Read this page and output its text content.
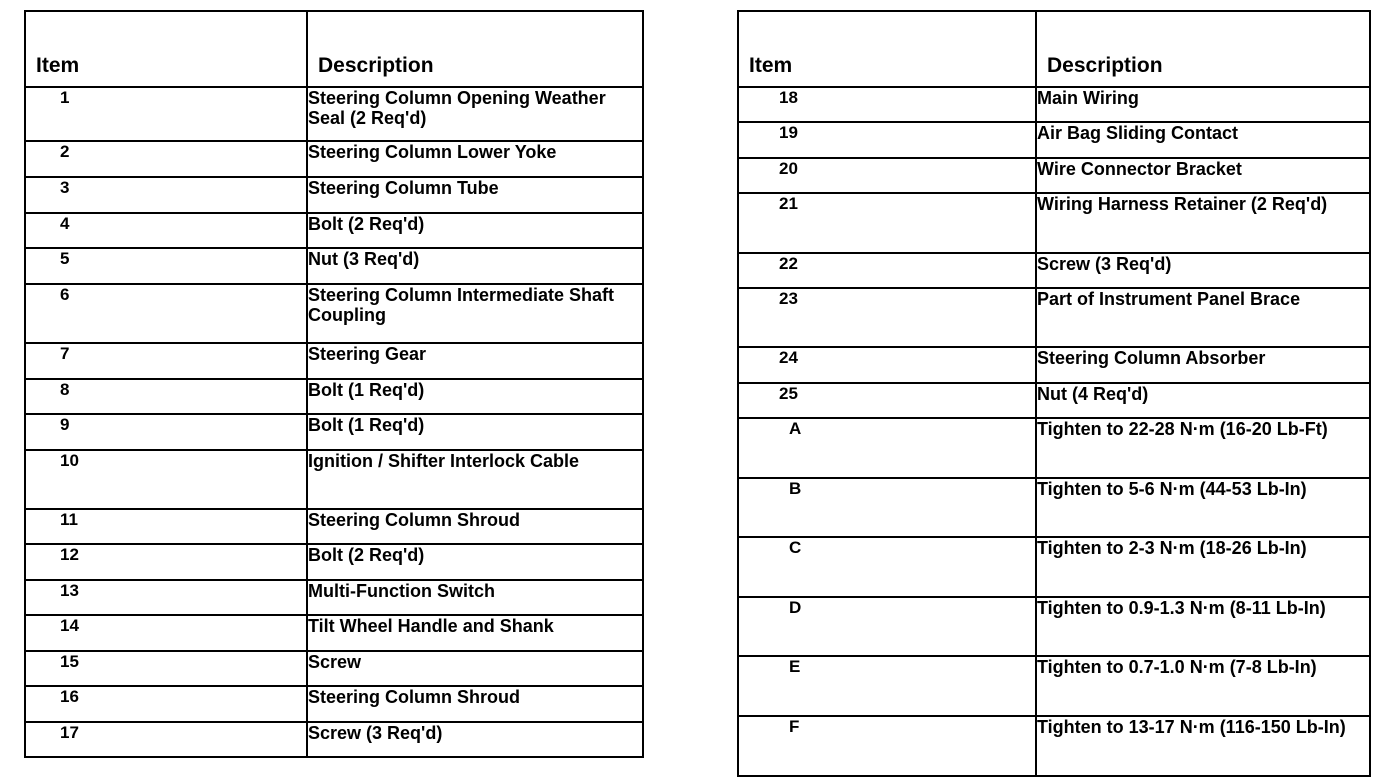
Item	Description
1	Steering Column Opening Weather Seal (2 Req'd)
2	Steering Column Lower Yoke
3	Steering Column Tube
4	Bolt (2 Req'd)
5	Nut (3 Req'd)
6	Steering Column Intermediate Shaft Coupling
7	Steering Gear
8	Bolt (1 Req'd)
9	Bolt (1 Req'd)
10	Ignition / Shifter Interlock Cable
11	Steering Column Shroud
12	Bolt (2 Req'd)
13	Multi-Function Switch
14	Tilt Wheel Handle and Shank
15	Screw
16	Steering Column Shroud
17	Screw (3 Req'd)
Item	Description
18	Main Wiring
19	Air Bag Sliding Contact
20	Wire Connector Bracket
21	Wiring Harness Retainer (2 Req'd)
22	Screw (3 Req'd)
23	Part of Instrument Panel Brace
24	Steering Column Absorber
25	Nut (4 Req'd)
A	Tighten to 22-28 N·m (16-20 Lb-Ft)
B	Tighten to 5-6 N·m (44-53 Lb-In)
C	Tighten to 2-3 N·m (18-26 Lb-In)
D	Tighten to 0.9-1.3 N·m (8-11 Lb-In)
E	Tighten to 0.7-1.0 N·m (7-8 Lb-In)
F	Tighten to 13-17 N·m (116-150 Lb-In)
